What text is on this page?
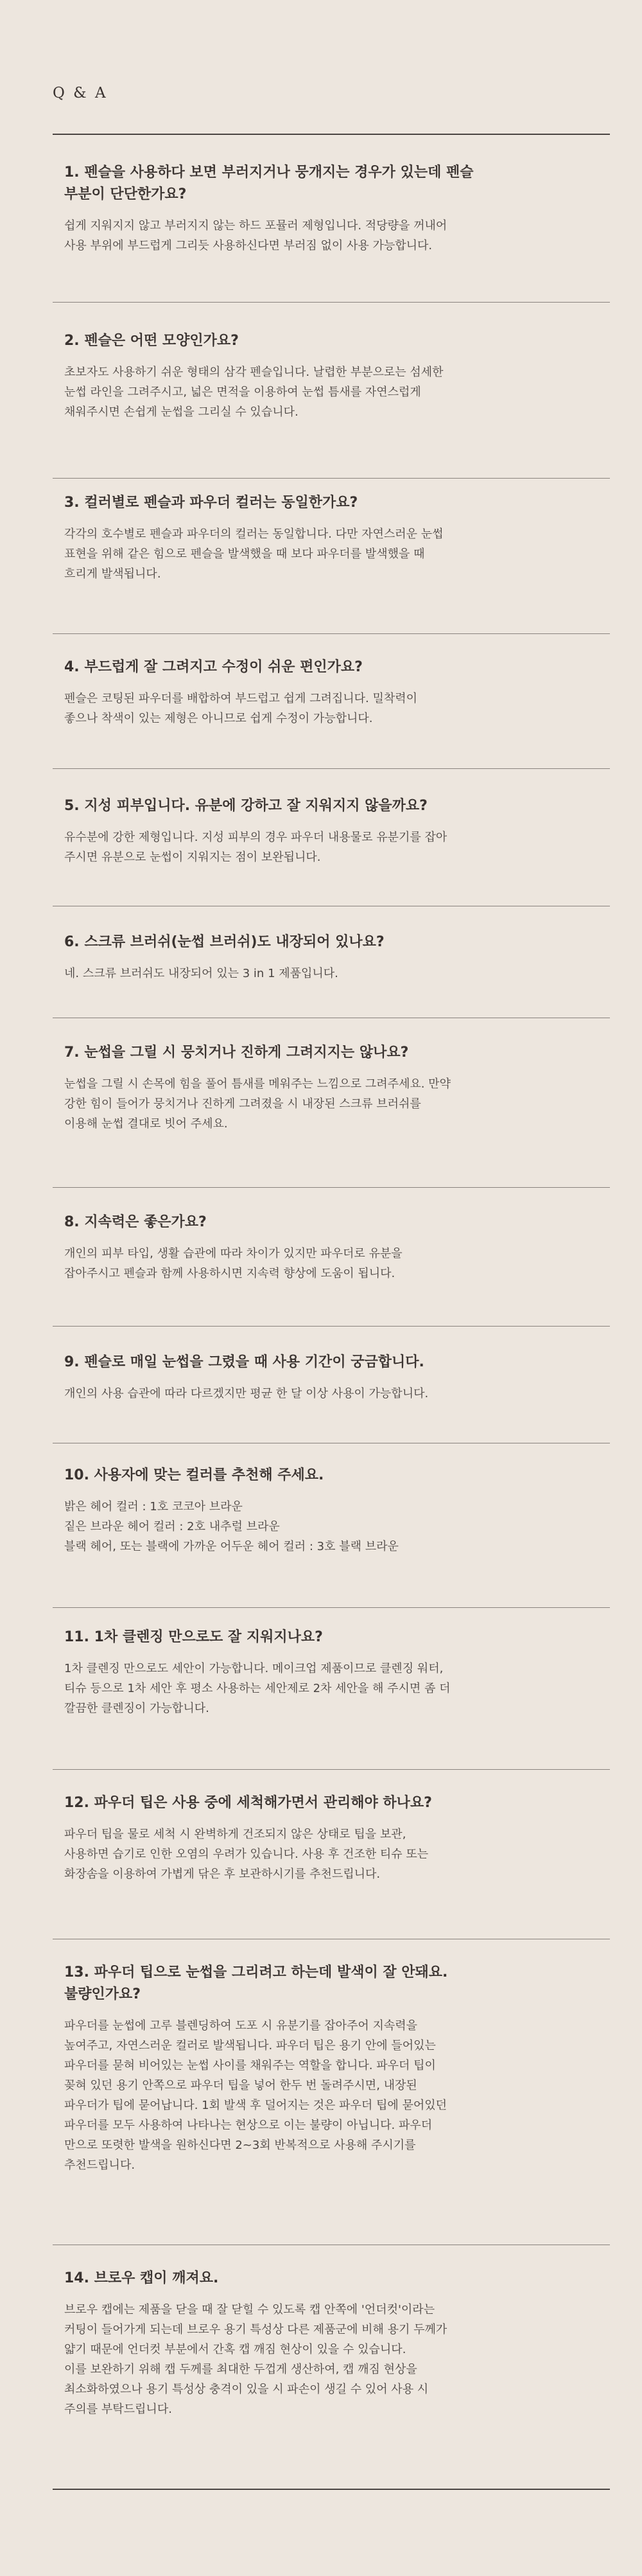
Q & A
1. 펜슬을 사용하다 보면 부러지거나 뭉개지는 경우가 있는데 펜슬
부분이 단단한가요?
쉽게 지워지지 않고 부러지지 않는 하드 포뮬러 제형입니다. 적당량을 꺼내어
사용 부위에 부드럽게 그리듯 사용하신다면 부러짐 없이 사용 가능합니다.
2. 펜슬은 어떤 모양인가요?
초보자도 사용하기 쉬운 형태의 삼각 펜슬입니다. 날렵한 부분으로는 섬세한
눈썹 라인을 그려주시고, 넓은 면적을 이용하여 눈썹 틈새를 자연스럽게
채워주시면 손쉽게 눈썹을 그리실 수 있습니다.
3. 컬러별로 펜슬과 파우더 컬러는 동일한가요?
각각의 호수별로 펜슬과 파우더의 컬러는 동일합니다. 다만 자연스러운 눈썹
표현을 위해 같은 힘으로 펜슬을 발색했을 때 보다 파우더를 발색했을 때
흐리게 발색됩니다.
4. 부드럽게 잘 그려지고 수정이 쉬운 편인가요?
펜슬은 코팅된 파우더를 배합하여 부드럽고 쉽게 그려집니다. 밀착력이
좋으나 착색이 있는 제형은 아니므로 쉽게 수정이 가능합니다.
5. 지성 피부입니다. 유분에 강하고 잘 지워지지 않을까요?
유수분에 강한 제형입니다. 지성 피부의 경우 파우더 내용물로 유분기를 잡아
주시면 유분으로 눈썹이 지워지는 점이 보완됩니다.
6. 스크류 브러쉬(눈썹 브러쉬)도 내장되어 있나요?
네. 스크류 브러쉬도 내장되어 있는 3 in 1 제품입니다.
7. 눈썹을 그릴 시 뭉치거나 진하게 그려지지는 않나요?
눈썹을 그릴 시 손목에 힘을 풀어 틈새를 메워주는 느낌으로 그려주세요. 만약
강한 힘이 들어가 뭉치거나 진하게 그려졌을 시 내장된 스크류 브러쉬를
이용해 눈썹 결대로 빗어 주세요.
8. 지속력은 좋은가요?
개인의 피부 타입, 생활 습관에 따라 차이가 있지만 파우더로 유분을
잡아주시고 펜슬과 함께 사용하시면 지속력 향상에 도움이 됩니다.
9. 펜슬로 매일 눈썹을 그렸을 때 사용 기간이 궁금합니다.
개인의 사용 습관에 따라 다르겠지만 평균 한 달 이상 사용이 가능합니다.
10. 사용자에 맞는 컬러를 추천해 주세요.
밝은 헤어 컬러 : 1호 코코아 브라운
짙은 브라운 헤어 컬러 : 2호 내추럴 브라운
블랙 헤어, 또는 블랙에 가까운 어두운 헤어 컬러 : 3호 블랙 브라운
11. 1차 클렌징 만으로도 잘 지워지나요?
1차 클렌징 만으로도 세안이 가능합니다. 메이크업 제품이므로 클렌징 워터,
티슈 등으로 1차 세안 후 평소 사용하는 세안제로 2차 세안을 해 주시면 좀 더
깔끔한 클렌징이 가능합니다.
12. 파우더 팁은 사용 중에 세척해가면서 관리해야 하나요?
파우더 팁을 물로 세척 시 완벽하게 건조되지 않은 상태로 팁을 보관,
사용하면 습기로 인한 오염의 우려가 있습니다. 사용 후 건조한 티슈 또는
화장솜을 이용하여 가볍게 닦은 후 보관하시기를 추천드립니다.
13. 파우더 팁으로 눈썹을 그리려고 하는데 발색이 잘 안돼요.
불량인가요?
파우더를 눈썹에 고루 블렌딩하여 도포 시 유분기를 잡아주어 지속력을
높여주고, 자연스러운 컬러로 발색됩니다. 파우더 팁은 용기 안에 들어있는
파우더를 묻혀 비어있는 눈썹 사이를 채워주는 역할을 합니다. 파우더 팁이
꽂혀 있던 용기 안쪽으로 파우더 팁을 넣어 한두 번 돌려주시면, 내장된
파우더가 팁에 묻어납니다. 1회 발색 후 덜어지는 것은 파우더 팁에 묻어있던
파우더를 모두 사용하여 나타나는 현상으로 이는 불량이 아닙니다. 파우더
만으로 또렷한 발색을 원하신다면 2~3회 반복적으로 사용해 주시기를
추천드립니다.
14. 브로우 캡이 깨져요.
브로우 캡에는 제품을 닫을 때 잘 닫힐 수 있도록 캡 안쪽에 '언더컷'이라는
커팅이 들어가게 되는데 브로우 용기 특성상 다른 제품군에 비해 용기 두께가
얇기 때문에 언더컷 부분에서 간혹 캡 깨짐 현상이 있을 수 있습니다.
이를 보완하기 위해 캡 두께를 최대한 두껍게 생산하여, 캡 깨짐 현상을
최소화하였으나 용기 특성상 충격이 있을 시 파손이 생길 수 있어 사용 시
주의를 부탁드립니다.
